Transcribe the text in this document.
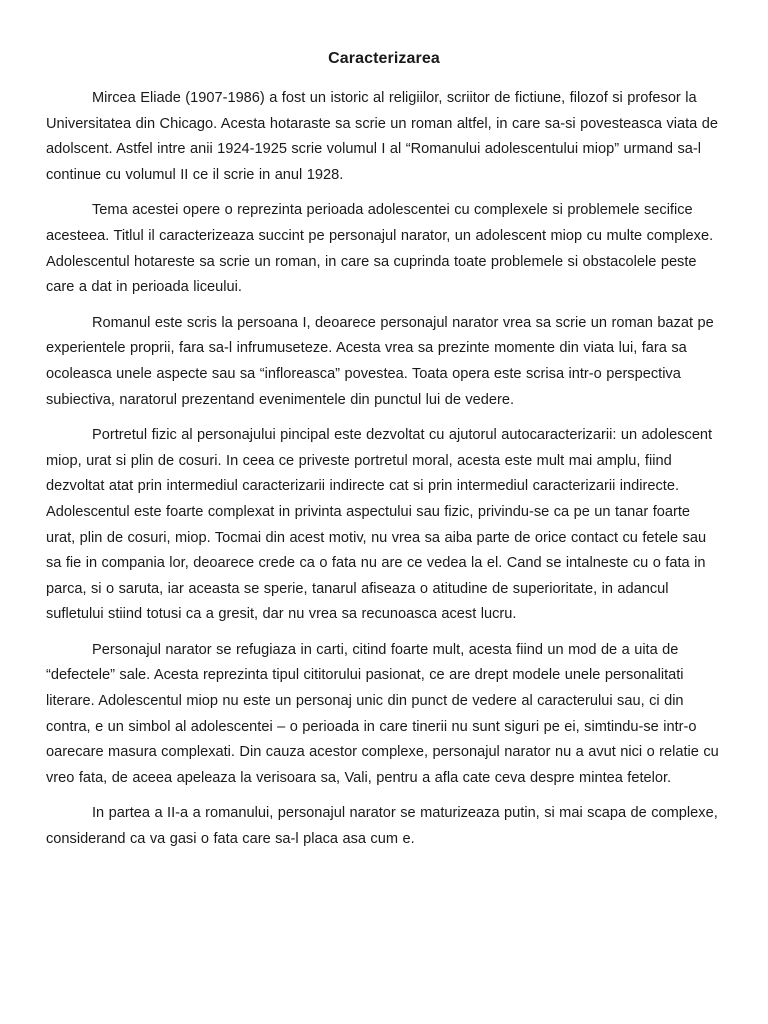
Caracterizarea

Mircea Eliade (1907-1986) a fost un istoric al religiilor, scriitor de fictiune, filozof si profesor la Universitatea din Chicago. Acesta hotaraste sa scrie un roman altfel, in care sa-si povesteasca viata de adolscent. Astfel intre anii 1924-1925 scrie volumul I al “Romanului adolescentului miop” urmand sa-l continue cu volumul II ce il scrie in anul 1928.

Tema acestei opere o reprezinta perioada adolescentei cu complexele si problemele secifice acesteea. Titlul il caracterizeaza succint pe personajul narator, un adolescent miop cu multe complexe. Adolescentul hotareste sa scrie un roman, in care sa cuprinda toate problemele si obstacolele peste care a dat in perioada liceului.

Romanul este scris la persoana I, deoarece personajul narator vrea sa scrie un roman bazat pe experientele proprii, fara sa-l infrumuseteze. Acesta vrea sa prezinte momente din viata lui, fara sa ocoleasca unele aspecte sau sa “infloreasca” povestea. Toata opera este scrisa intr-o perspectiva subiectiva, naratorul prezentand evenimentele din punctul lui de vedere.

Portretul fizic al personajului pincipal este dezvoltat cu ajutorul autocaracterizarii: un adolescent miop, urat si plin de cosuri. In ceea ce priveste portretul moral, acesta este mult mai amplu, fiind dezvoltat atat prin intermediul caracterizarii indirecte cat si prin intermediul caracterizarii indirecte. Adolescentul este foarte complexat in privinta aspectului sau fizic, privindu-se ca pe un tanar foarte urat, plin de cosuri, miop. Tocmai din acest motiv, nu vrea sa aiba parte de orice contact cu fetele sau sa fie in compania lor, deoarece crede ca o fata nu are ce vedea la el. Cand se intalneste cu o fata in parca, si o saruta, iar aceasta se sperie, tanarul afiseaza o atitudine de superioritate, in adancul sufletului stiind totusi ca a gresit, dar nu vrea sa recunoasca acest lucru.

Personajul narator se refugiaza in carti, citind foarte mult, acesta fiind un mod de a uita de “defectele” sale. Acesta reprezinta tipul cititorului pasionat, ce are drept modele unele personalitati literare. Adolescentul miop nu este un personaj unic din punct de vedere al caracterului sau, ci din contra, e un simbol al adolescentei – o perioada in care tinerii nu sunt siguri pe ei, simtindu-se intr-o oarecare masura complexati. Din cauza acestor complexe, personajul narator nu a avut nici o relatie cu vreo fata, de aceea apeleaza la verisoara sa, Vali, pentru a afla cate ceva despre mintea fetelor.

In partea a II-a a romanului, personajul narator se maturizeaza putin, si mai scapa de complexe, considerand ca va gasi o fata care sa-l placa asa cum e.
